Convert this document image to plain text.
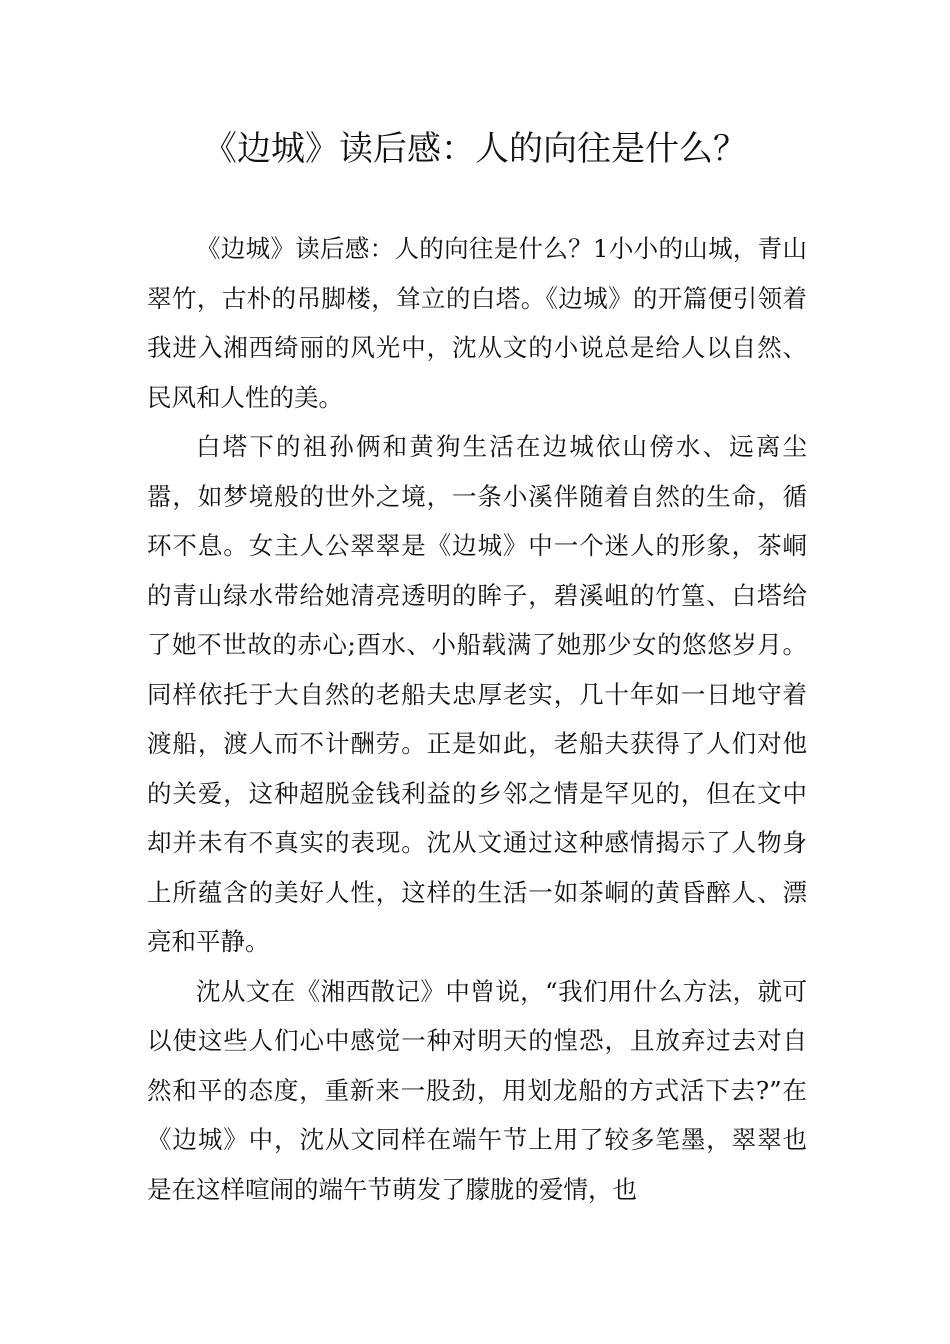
《边城》读后感：人的向往是什么？

《边城》读后感：人的向往是什么？1小小的山城，青山翠竹，古朴的吊脚楼，耸立的白塔。《边城》的开篇便引领着我进入湘西绮丽的风光中，沈从文的小说总是给人以自然、民风和人性的美。

白塔下的祖孙俩和黄狗生活在边城依山傍水、远离尘嚣，如梦境般的世外之境，一条小溪伴随着自然的生命，循环不息。女主人公翠翠是《边城》中一个迷人的形象，茶峒的青山绿水带给她清亮透明的眸子，碧溪岨的竹篁、白塔给了她不世故的赤心;酉水、小船载满了她那少女的悠悠岁月。同样依托于大自然的老船夫忠厚老实，几十年如一日地守着渡船，渡人而不计酬劳。正是如此，老船夫获得了人们对他的关爱，这种超脱金钱利益的乡邻之情是罕见的，但在文中却并未有不真实的表现。沈从文通过这种感情揭示了人物身上所蕴含的美好人性，这样的生活一如茶峒的黄昏醉人、漂亮和平静。

沈从文在《湘西散记》中曾说，“我们用什么方法，就可以使这些人们心中感觉一种对明天的惶恐，且放弃过去对自然和平的态度，重新来一股劲，用划龙船的方式活下去?”在《边城》中，沈从文同样在端午节上用了较多笔墨，翠翠也是在这样喧闹的端午节萌发了朦胧的爱情，也
